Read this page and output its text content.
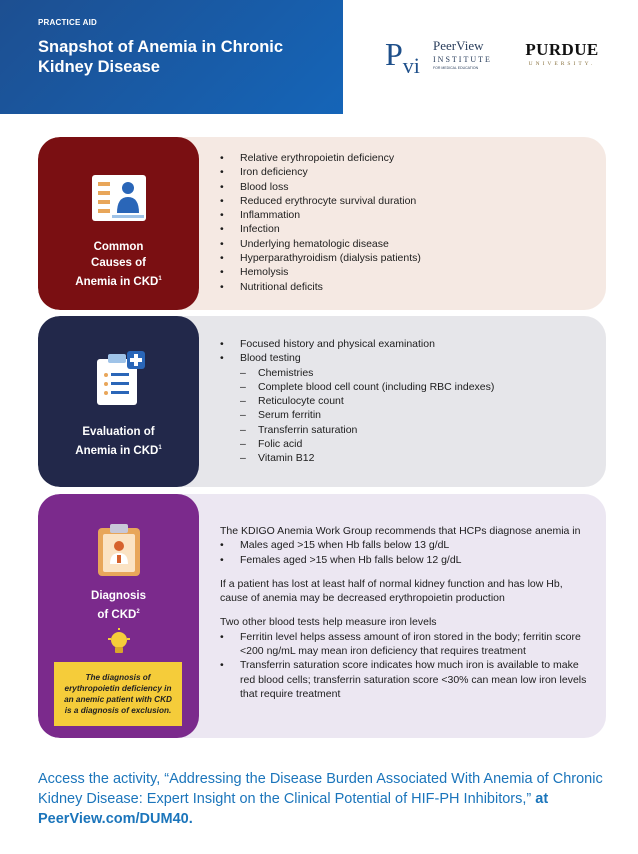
PRACTICE AID
Snapshot of Anemia in Chronic Kidney Disease	$P_{vi}$
PeerView
INSTITUTE
FOR MEDICAL EDUCATION
PURDUE
UNIVERSITY.
Common
Causes of
Anemia in CKD$^1$
• Relative erythropoietin deficiency
• Iron deficiency
• Blood loss
• Reduced erythrocyte survival duration
• Inflammation
• Infection
• Underlying hematologic disease
• Hyperparathyroidism (dialysis patients)
• Hemolysis
• Nutritional deficits
Evaluation of
Anemia in CKD$^1$
• Focused history and physical examination
• Blood testing
– Chemistries
– Complete blood cell count (including RBC indexes)
– Reticulocyte count
– Serum ferritin
– Transferrin saturation
– Folic acid
– Vitamin B12
Diagnosis
of CKD$^2$
The diagnosis of erythropoietin deficiency in an anemic patient with CKD is a diagnosis of exclusion.

The KDIGO Anemia Work Group recommends that HCPs diagnose anemia in

• Males aged >15 when Hb falls below 13 g/dL
• Females aged >15 when Hb falls below 12 g/dL

If a patient has lost at least half of normal kidney function and has low Hb, cause of anemia may be decreased erythropoietin production

Two other blood tests help measure iron levels

• Ferritin level helps assess amount of iron stored in the body; ferritin score <200 ng/mL may mean iron deficiency that requires treatment
• Transferrin saturation score indicates how much iron is available to make red blood cells; transferrin saturation score <30% can mean low iron levels that require treatment
Access the activity, “Addressing the Disease Burden Associated With Anemia of Chronic Kidney Disease: Expert Insight on the Clinical Potential of HIF-PH Inhibitors,” at PeerView.com/DUM40.
